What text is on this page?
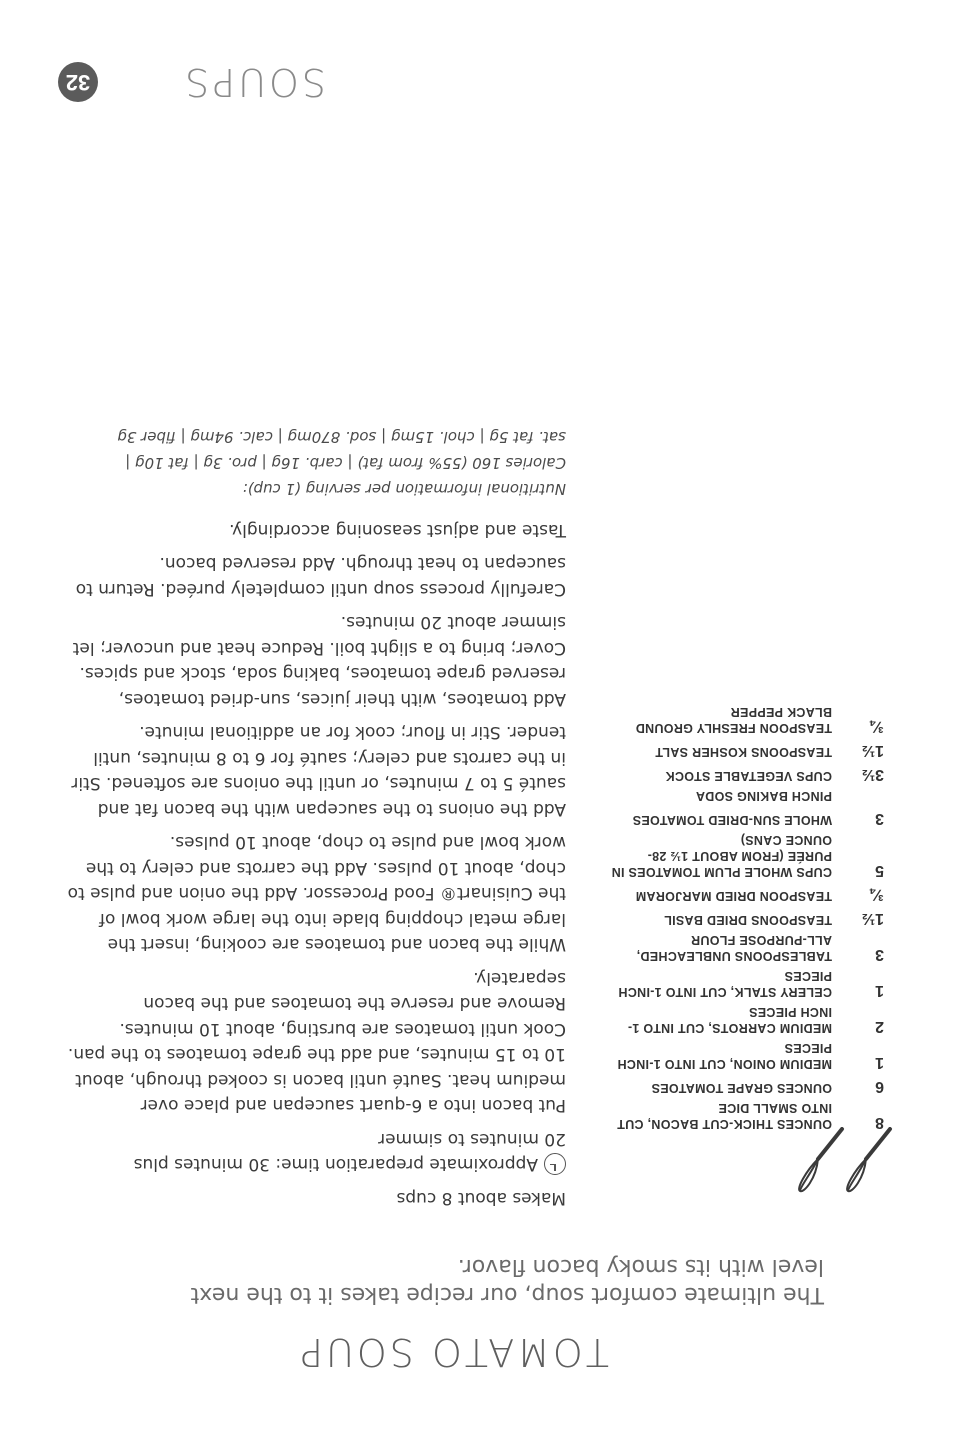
TOMATO SOUP
The ultimate comfort soup, our recipe takes it to the next level with its smoky bacon flavor.
8
OUNCES THICK-CUT BACON, CUT INTO SMALL DICE
6
OUNCES GRAPE TOMATOES
1
MEDIUM ONION, CUT INTO 1-INCH PIECES
2
MEDIUM CARROTS, CUT INTO 1-INCH PIECES
1
CELERY STALK, CUT INTO 1-INCH PIECES
3
TABLESPOONS UNBLEACHED, ALL-PURPOSE FLOUR
1½
TEASPOONS DRIED BASIL
¾
TEASPOON DRIED MARJORAM
5
CUPS WHOLE PLUM TOMATOES IN PURÉE (FROM ABOUT 1½ 28-OUNCE CANS)
3
WHOLE SUN-DRIED TOMATOES
PINCH BAKING SODA
3½
CUPS VEGETABLE STOCK
1½
TEASPOONS KOSHER SALT
¾
TEASPOON FRESHLY GROUND BLACK PEPPER

Makes about 8 cups

Approximate preparation time: 30 minutes plus

20 minutes to simmer

Put bacon into a 6-quart saucepan and place over medium heat. Sauté until bacon is cooked through, about 10 to 15 minutes, and add the grape tomatoes to the pan. Cook until tomatoes are bursting, about 10 minutes. Remove and reserve the tomatoes and the bacon separately.

While the bacon and tomatoes are cooking, insert the large metal chopping blade into the large work bowl of the Cuisinart® Food Processor. Add the onion and pulse to chop, about 10 pulses. Add the carrots and celery to the work bowl and pulse to chop, about 10 pulses.

Add the onions to the saucepan with the bacon fat and sauté 5 to 7 minutes, or until the onions are softened. Stir in the carrots and celery; sauté for 6 to 8 minutes, until tender. Stir in flour; cook for an additional minute.

Add tomatoes, with their juices, sun-dried tomatoes, reserved grape tomatoes, baking soda, stock and spices. Cover; bring to a slight boil. Reduce heat and uncover; let simmer about 20 minutes.

Carefully process soup until completely puréed. Return to saucepan to heat through. Add reserved bacon.

Taste and adjust seasoning accordingly.

Nutritional information per serving (1 cup):
Calories 160 (55% from fat) | carb. 16g | pro. 3g | fat 10g |
sat. fat 5g | chol. 15mg | sod. 870mg | calc. 94mg | fiber 3g
32 SOUPS
